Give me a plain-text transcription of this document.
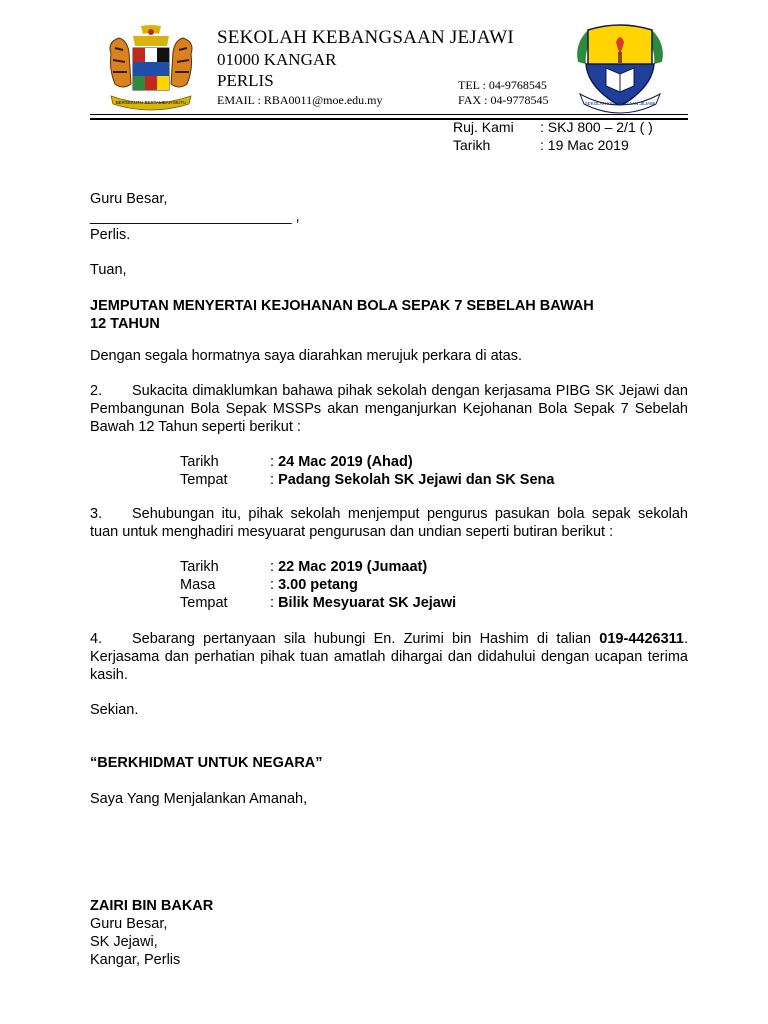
BERSEKUTU BERTAMBAH MUTU	SEKOLAH KEBANGSAAN JEJAWI
SEKOLAH KEBANGSAAN JEJAWI
01000 KANGAR
PERLIS
EMAIL : RBA0011@moe.edu.my
TEL : 04-9768545
FAX : 04-9778545
Ruj. Kami : SKJ 800 – 2/1 ( )
Tarikh	: 19 Mac 2019
Guru Besar,
_________________________ ,
Perlis.
Tuan,
JEMPUTAN MENYERTAI KEJOHANAN BOLA SEPAK 7 SEBELAH BAWAH
12 TAHUN
Dengan segala hormatnya saya diarahkan merujuk perkara di atas.
2. Sukacita dimaklumkan bahawa pihak sekolah dengan kerjasama PIBG SK Jejawi dan Pembangunan Bola Sepak MSSPs akan menganjurkan Kejohanan Bola Sepak 7 Sebelah Bawah 12 Tahun seperti berikut :
Tarikh	: 24 Mac 2019 (Ahad)
Tempat	: Padang Sekolah SK Jejawi dan SK Sena
3. Sehubungan itu, pihak sekolah menjemput pengurus pasukan bola sepak sekolah tuan untuk menghadiri mesyuarat pengurusan dan undian seperti butiran berikut :
Tarikh	: 22 Mac 2019 (Jumaat)
Masa	: 3.00 petang
Tempat	: Bilik Mesyuarat SK Jejawi
4. Sebarang pertanyaan sila hubungi En. Zurimi bin Hashim di talian 019-4426311. Kerjasama dan perhatian pihak tuan amatlah dihargai dan didahului dengan ucapan terima kasih.
Sekian.
“BERKHIDMAT UNTUK NEGARA”
Saya Yang Menjalankan Amanah,
ZAIRI BIN BAKAR
Guru Besar,
SK Jejawi,
Kangar, Perlis
